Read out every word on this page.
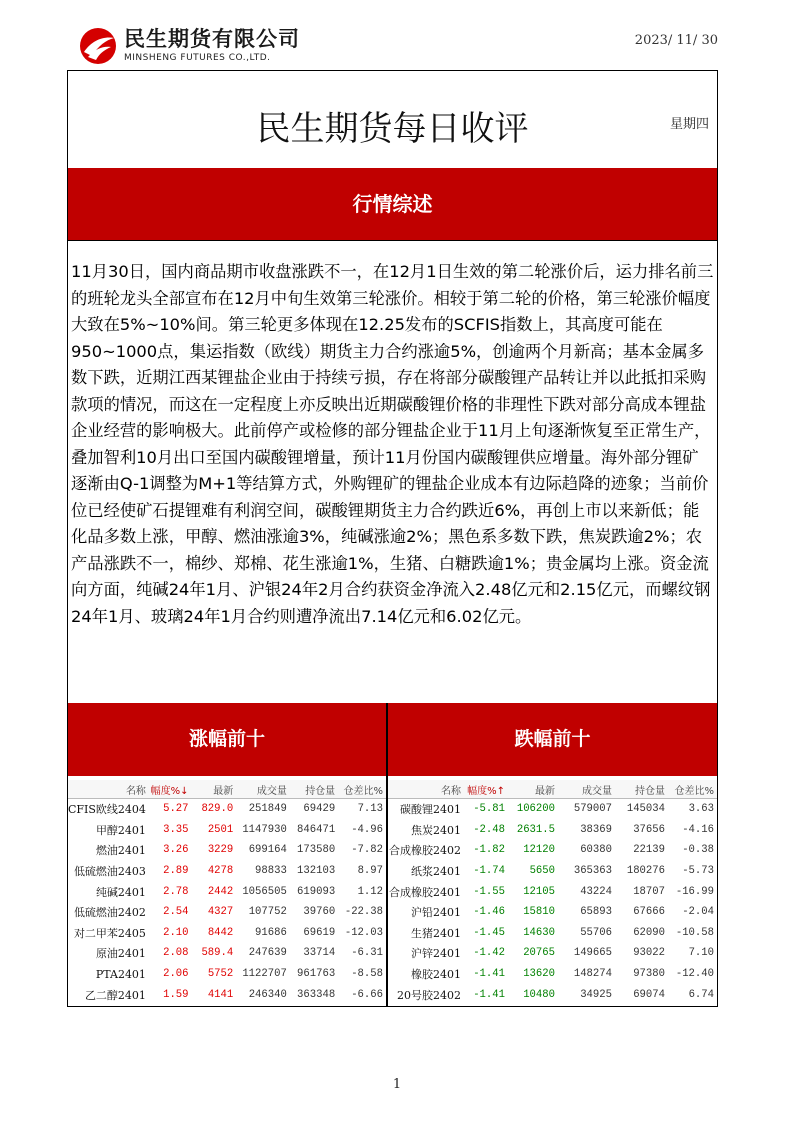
民生期货有限公司
MINSHENG FUTURES CO.,LTD.
2023/ 11/ 30
民生期货每日收评	星期四
行情综述
11月30日，国内商品期市收盘涨跌不一，在12月1日生效的第二轮涨价后，运力排名前三的班轮龙头全部宣布在12月中旬生效第三轮涨价。相较于第二轮的价格，第三轮涨价幅度大致在5%~10%间。第三轮更多体现在12.25发布的SCFIS指数上，其高度可能在950~1000点，集运指数（欧线）期货主力合约涨逾5%，创逾两个月新高；基本金属多数下跌，近期江西某锂盐企业由于持续亏损，存在将部分碳酸锂产品转让并以此抵扣采购款项的情况，而这在一定程度上亦反映出近期碳酸锂价格的非理性下跌对部分高成本锂盐企业经营的影响极大。此前停产或检修的部分锂盐企业于11月上旬逐渐恢复至正常生产，叠加智利10月出口至国内碳酸锂增量，预计11月份国内碳酸锂供应增量。海外部分锂矿逐渐由Q-1调整为M+1等结算方式，外购锂矿的锂盐企业成本有边际趋降的迹象；当前价位已经使矿石提锂难有利润空间，碳酸锂期货主力合约跌近6%，再创上市以来新低；能化品多数上涨，甲醇、燃油涨逾3%，纯碱涨逾2%；黑色系多数下跌，焦炭跌逾2%；农产品涨跌不一，棉纱、郑棉、花生涨逾1%，生猪、白糖跌逾1%；贵金属均上涨。资金流向方面，纯碱24年1月、沪银24年2月合约获资金净流入2.48亿元和2.15亿元，而螺纹钢24年1月、玻璃24年1月合约则遭净流出7.14亿元和6.02亿元。
涨幅前十	跌幅前十
名称	幅度%↓	最新	成交量	持仓量	仓差比%
CFIS欧线2404	5.27	829.0	251849	69429	7.13
甲醇2401	3.35	2501	1147930	846471	-4.96
燃油2401	3.26	3229	699164	173580	-7.82
低硫燃油2403	2.89	4278	98833	132103	8.97
纯碱2401	2.78	2442	1056505	619093	1.12
低硫燃油2402	2.54	4327	107752	39760	-22.38
对二甲苯2405	2.10	8442	91686	69619	-12.03
原油2401	2.08	589.4	247639	33714	-6.31
PTA2401	2.06	5752	1122707	961763	-8.58
乙二醇2401	1.59	4141	246340	363348	-6.66
名称	幅度%↑	最新	成交量	持仓量	仓差比%
碳酸锂2401	-5.81	106200	579007	145034	3.63
焦炭2401	-2.48	2631.5	38369	37656	-4.16
合成橡胶2402	-1.82	12120	60380	22139	-0.38
纸浆2401	-1.74	5650	365363	180276	-5.73
合成橡胶2401	-1.55	12105	43224	18707	-16.99
沪铅2401	-1.46	15810	65893	67666	-2.04
生猪2401	-1.45	14630	55706	62090	-10.58
沪锌2401	-1.42	20765	149665	93022	7.10
橡胶2401	-1.41	13620	148274	97380	-12.40
20号胶2402	-1.41	10480	34925	69074	6.74
1
